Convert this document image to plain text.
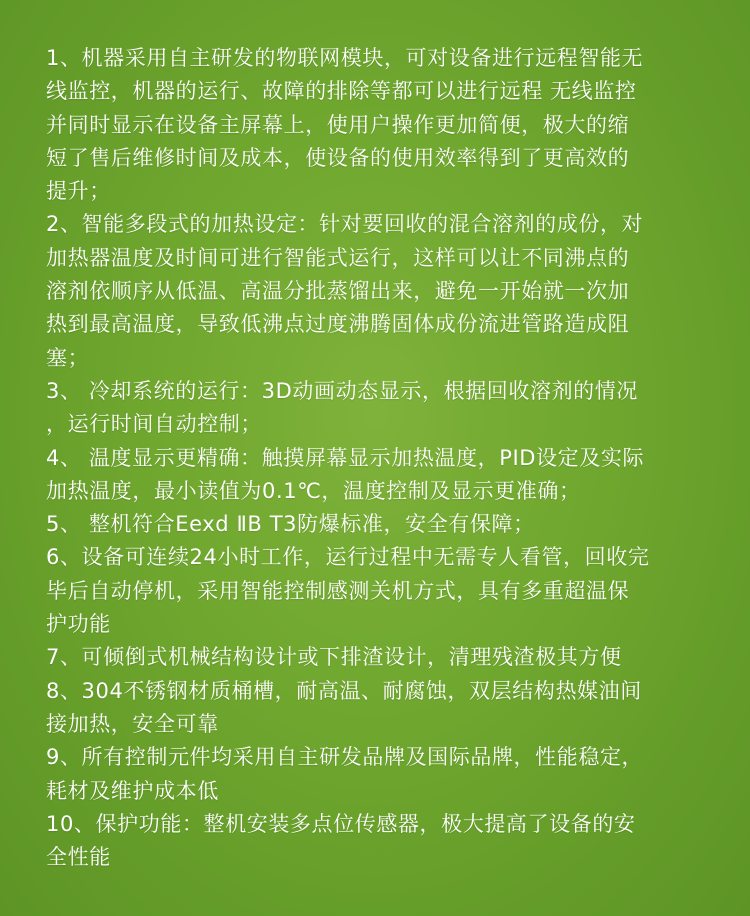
1、机器采用自主研发的物联网模块，可对设备进行远程智能无
线监控，机器的运行、故障的排除等都可以进行远程 无线监控
并同时显示在设备主屏幕上，使用户操作更加简便，极大的缩
短了售后维修时间及成本，使设备的使用效率得到了更高效的
提升；
2、智能多段式的加热设定：针对要回收的混合溶剂的成份，对
加热器温度及时间可进行智能式运行，这样可以让不同沸点的
溶剂依顺序从低温、高温分批蒸馏出来，避免一开始就一次加
热到最高温度，导致低沸点过度沸腾固体成份流进管路造成阻
塞；
3、 冷却系统的运行：3D动画动态显示，根据回收溶剂的情况
，运行时间自动控制；
4、 温度显示更精确：触摸屏幕显示加热温度，PID设定及实际
加热温度，最小读值为0.1℃，温度控制及显示更准确；
5、 整机符合Eexd ⅡB T3防爆标准，安全有保障；
6、设备可连续24小时工作，运行过程中无需专人看管，回收完
毕后自动停机，采用智能控制感测关机方式，具有多重超温保
护功能
7、可倾倒式机械结构设计或下排渣设计，清理残渣极其方便
8、304不锈钢材质桶槽，耐高温、耐腐蚀，双层结构热媒油间
接加热，安全可靠
9、所有控制元件均采用自主研发品牌及国际品牌，性能稳定，
耗材及维护成本低
10、保护功能：整机安装多点位传感器，极大提高了设备的安
全性能
